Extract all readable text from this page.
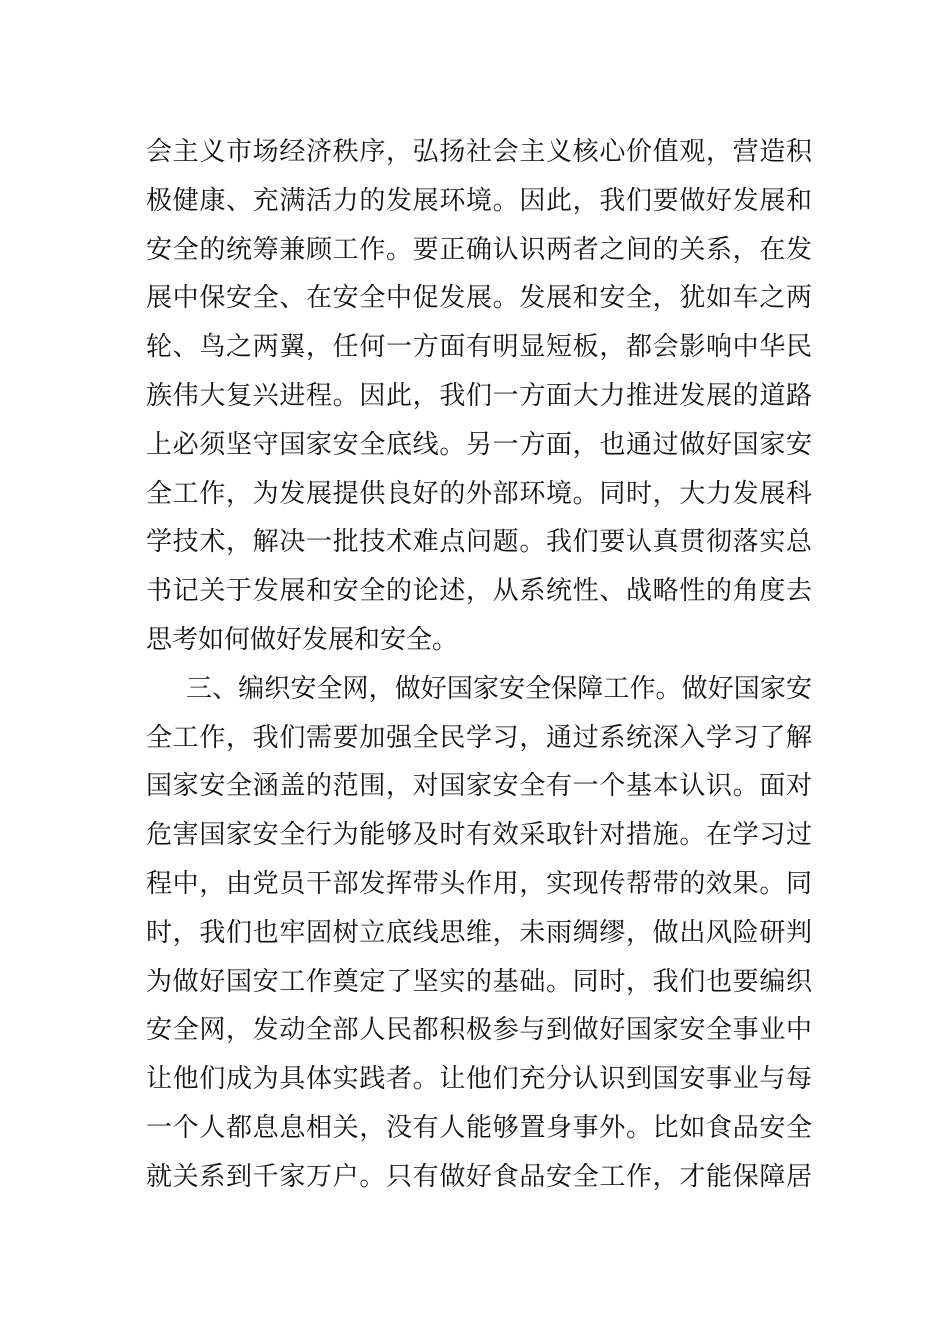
会主义市场经济秩序，弘扬社会主义核心价值观，营造积
极健康、充满活力的发展环境。因此，我们要做好发展和
安全的统筹兼顾工作。要正确认识两者之间的关系，在发
展中保安全、在安全中促发展。发展和安全，犹如车之两
轮、鸟之两翼，任何一方面有明显短板，都会影响中华民
族伟大复兴进程。因此，我们一方面大力推进发展的道路
上必须坚守国家安全底线。另一方面，也通过做好国家安
全工作，为发展提供良好的外部环境。同时，大力发展科
学技术，解决一批技术难点问题。我们要认真贯彻落实总
书记关于发展和安全的论述，从系统性、战略性的角度去
思考如何做好发展和安全。
三、编织安全网，做好国家安全保障工作。做好国家安
全工作，我们需要加强全民学习，通过系统深入学习了解
国家安全涵盖的范围，对国家安全有一个基本认识。面对
危害国家安全行为能够及时有效采取针对措施。在学习过
程中，由党员干部发挥带头作用，实现传帮带的效果。同
时，我们也牢固树立底线思维，未雨绸缪，做出风险研判
为做好国安工作奠定了坚实的基础。同时，我们也要编织
安全网，发动全部人民都积极参与到做好国家安全事业中
让他们成为具体实践者。让他们充分认识到国安事业与每
一个人都息息相关，没有人能够置身事外。比如食品安全
就关系到千家万户。只有做好食品安全工作，才能保障居
